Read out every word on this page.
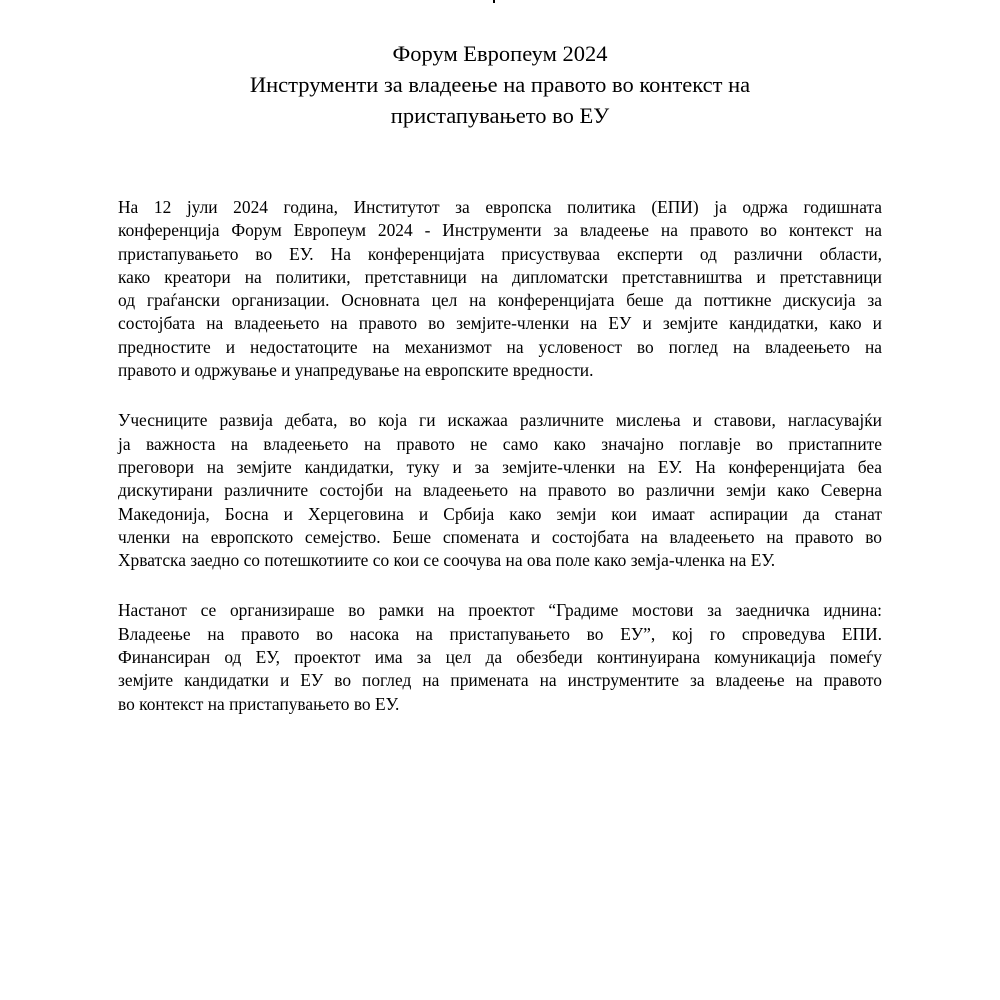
Форум Европеум 2024
Инструменти за владеење на правото во контекст на
пристапувањето во ЕУ
На 12 јули 2024 година, Институтот за европска политика (ЕПИ) ја одржа годишната
конференција Форум Европеум 2024 - Инструменти за владеење на правото во контекст на
пристапувањето во ЕУ. На конференцијата присуствуваа експерти од различни области,
како креатори на политики, претставници на дипломатски претставништва и претставници
од граѓански организации. Основната цел на конференцијата беше да поттикне дискусија за
состојбата на владеењето на правото во земјите-членки на ЕУ и земјите кандидатки, како и
предностите и недостатоците на механизмот на условеност во поглед на владеењето на
правото и одржување и унапредување на европските вредности.
Учесниците развија дебата, во која ги искажаа различните мислења и ставови, нагласувајќи
ја важноста на владеењето на правото не само како значајно поглавје во пристапните
преговори на земјите кандидатки, туку и за земјите-членки на ЕУ. На конференцијата беа
дискутирани различните состојби на владеењето на правото во различни земји како Северна
Македонија, Босна и Херцеговина и Србија како земји кои имаат аспирации да станат
членки на европското семејство. Беше спомената и состојбата на владеењето на правото во
Хрватска заедно со потешкотиите со кои се соочува на ова поле како земја-членка на ЕУ.
Настанот се организираше во рамки на проектот “Градиме мостови за заедничка иднина:
Владеење на правото во насока на пристапувањето во ЕУ”, кој го спроведува ЕПИ.
Финансиран од ЕУ, проектот има за цел да обезбеди континуирана комуникација помеѓу
земјите кандидатки и ЕУ во поглед на примената на инструментите за владеење на правото
во контекст на пристапувањето во ЕУ.
